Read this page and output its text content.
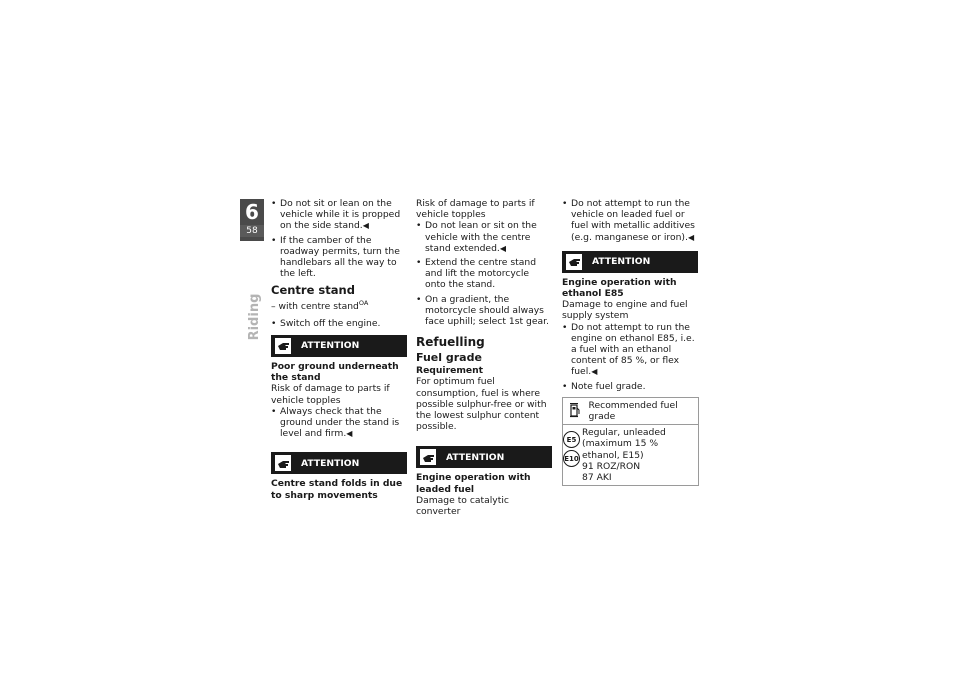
6
58
Riding
• Do not sit or lean on the vehicle while it is propped on the side stand.◀
• If the camber of the roadway permits, turn the handlebars all the way to the left.
Centre stand

– with centre stand$^{OA}$

• Switch off the engine.
ATTENTION
Poor ground underneath the stand

Risk of damage to parts if vehicle topples

• Always check that the ground under the stand is level and firm.◀
ATTENTION
Centre stand folds in due to sharp movements

Risk of damage to parts if vehicle topples

• Do not lean or sit on the vehicle with the centre stand extended.◀
• Extend the centre stand and lift the motorcycle onto the stand.
• On a gradient, the motorcycle should always face uphill; select 1st gear.
Refuelling
Fuel grade
Requirement

For optimum fuel consumption, fuel is where possible sulphur-free or with the lowest sulphur content possible.

ATTENTION
Engine operation with leaded fuel

Damage to catalytic converter

• Do not attempt to run the vehicle on leaded fuel or fuel with metallic additives (e.g. manganese or iron).◀
ATTENTION
Engine operation with ethanol E85

Damage to engine and fuel supply system

• Do not attempt to run the engine on ethanol E85, i.e. a fuel with an ethanol content of 85 %, or flex fuel.◀
• Note fuel grade.
Recommended fuel grade
E5
E10
Regular, unleaded (maximum 15 % ethanol, E15)
91 ROZ/RON
87 AKI
